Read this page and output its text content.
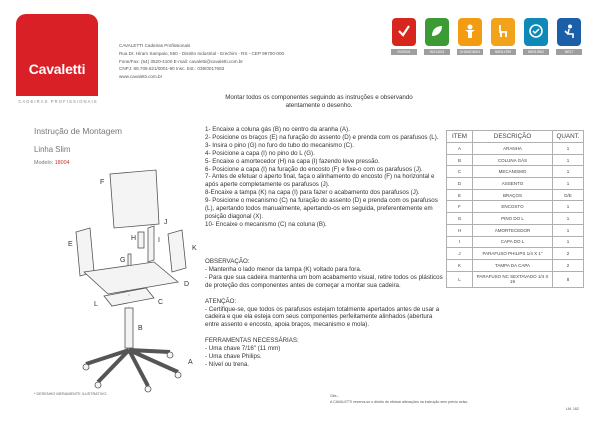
Cavaletti
CADEIRAS PROFISSIONAIS
CAVALETTI Cadeiras Profissionais
Rua Dr. Hiram Sampaio, 550 - Distrito Industrial - Erechim - RS - CEP 99700-000
Fone/Fax: (54) 3520-4100 E-mail: cavaletti@cavaletti.com.br
CNPJ: 88.709.621/0001-90 Insc. Est.: 039/0017663
www.cavaletti.com.br
ISO9001	ISO14001	OHSAS18001	NBR14789	NBR13962	NR17
Montar todos os componentes seguindo as instruções e observando atentamente o desenho.
Instrução de Montagem
Linha Slim
Modelo: 18004
F
I
H
G
J
K
E
C
L
D
B
A
* DESENHO MERAMENTE ILUSTRATIVO.

1- Encaixe a coluna gás (B) no centro da aranha (A).

2- Posicione os braços (E) na furação do assento (D) e prenda com os parafusos (L).

3- Insira o pino (G) no furo do tubo do mecanismo (C).

4- Posicione a capa (I) no pino do L (G).

5- Encaixe o amortecedor (H) na capa (I) fazendo leve pressão.

6- Posicione a capa (I) na furação do encosto (F) e fixe-o com os parafusos (J).

7- Antes de efetuar o aperto final, faça o alinhamento do encosto (F) na horizontal e após aperte completamente os parafusos (J).

8-Encaixe a tampa (K) na capa (I) para fazer o acabamento dos parafusos (J).

9- Posicione o mecanismo (C) na furação do assento (D) e prenda com os parafusos (L), apertando todos manualmente, apertando-os em seguida, preferentemente em posição diagonal (X).

10- Encaixe o mecanismo (C) na coluna (B).

OBSERVAÇÃO:

- Mantenha o lado menor da tampa (K) voltado para fora.

- Para que sua cadeira mantenha um bom acabamento visual, retire todos os plásticos de proteção dos componentes antes de começar a montar sua cadeira.

ATENÇÃO:

- Certifique-se, que todos os parafusos estejam totalmente apertados antes de usar a cadeira e que ela esteja com seus componentes perfeitamente alinhados (abertura entre assento e encosto, apoia braços, mecanismo e mola).

FERRAMENTAS NECESSÁRIAS:

- Uma chave 7/16" (11 mm)

- Uma chave Philips.

- Nível ou trena.

ITEM	DESCRIÇÃO	QUANT.
A	ARANHA	1
B	COLUNA GÁS	1
C	MECANISMO	1
D	ASSENTO	1
E	BRAÇOS	D/E
F	ENCOSTO	1
G	PINO DO L	1
H	AMORTECEDOR	1
I	CAPA DO L	1
J	PARAFUSO PHILIPS 1/4 X 1"	2
K	TAMPA DA CAPA	2
L	PARAFUSO NC SEXTAVADO 1/4 X 19	8
Obs.:
A CAVALETTI reserva-se o direito de efetuar alterações na instrução sem prévio aviso.
LM. 162
